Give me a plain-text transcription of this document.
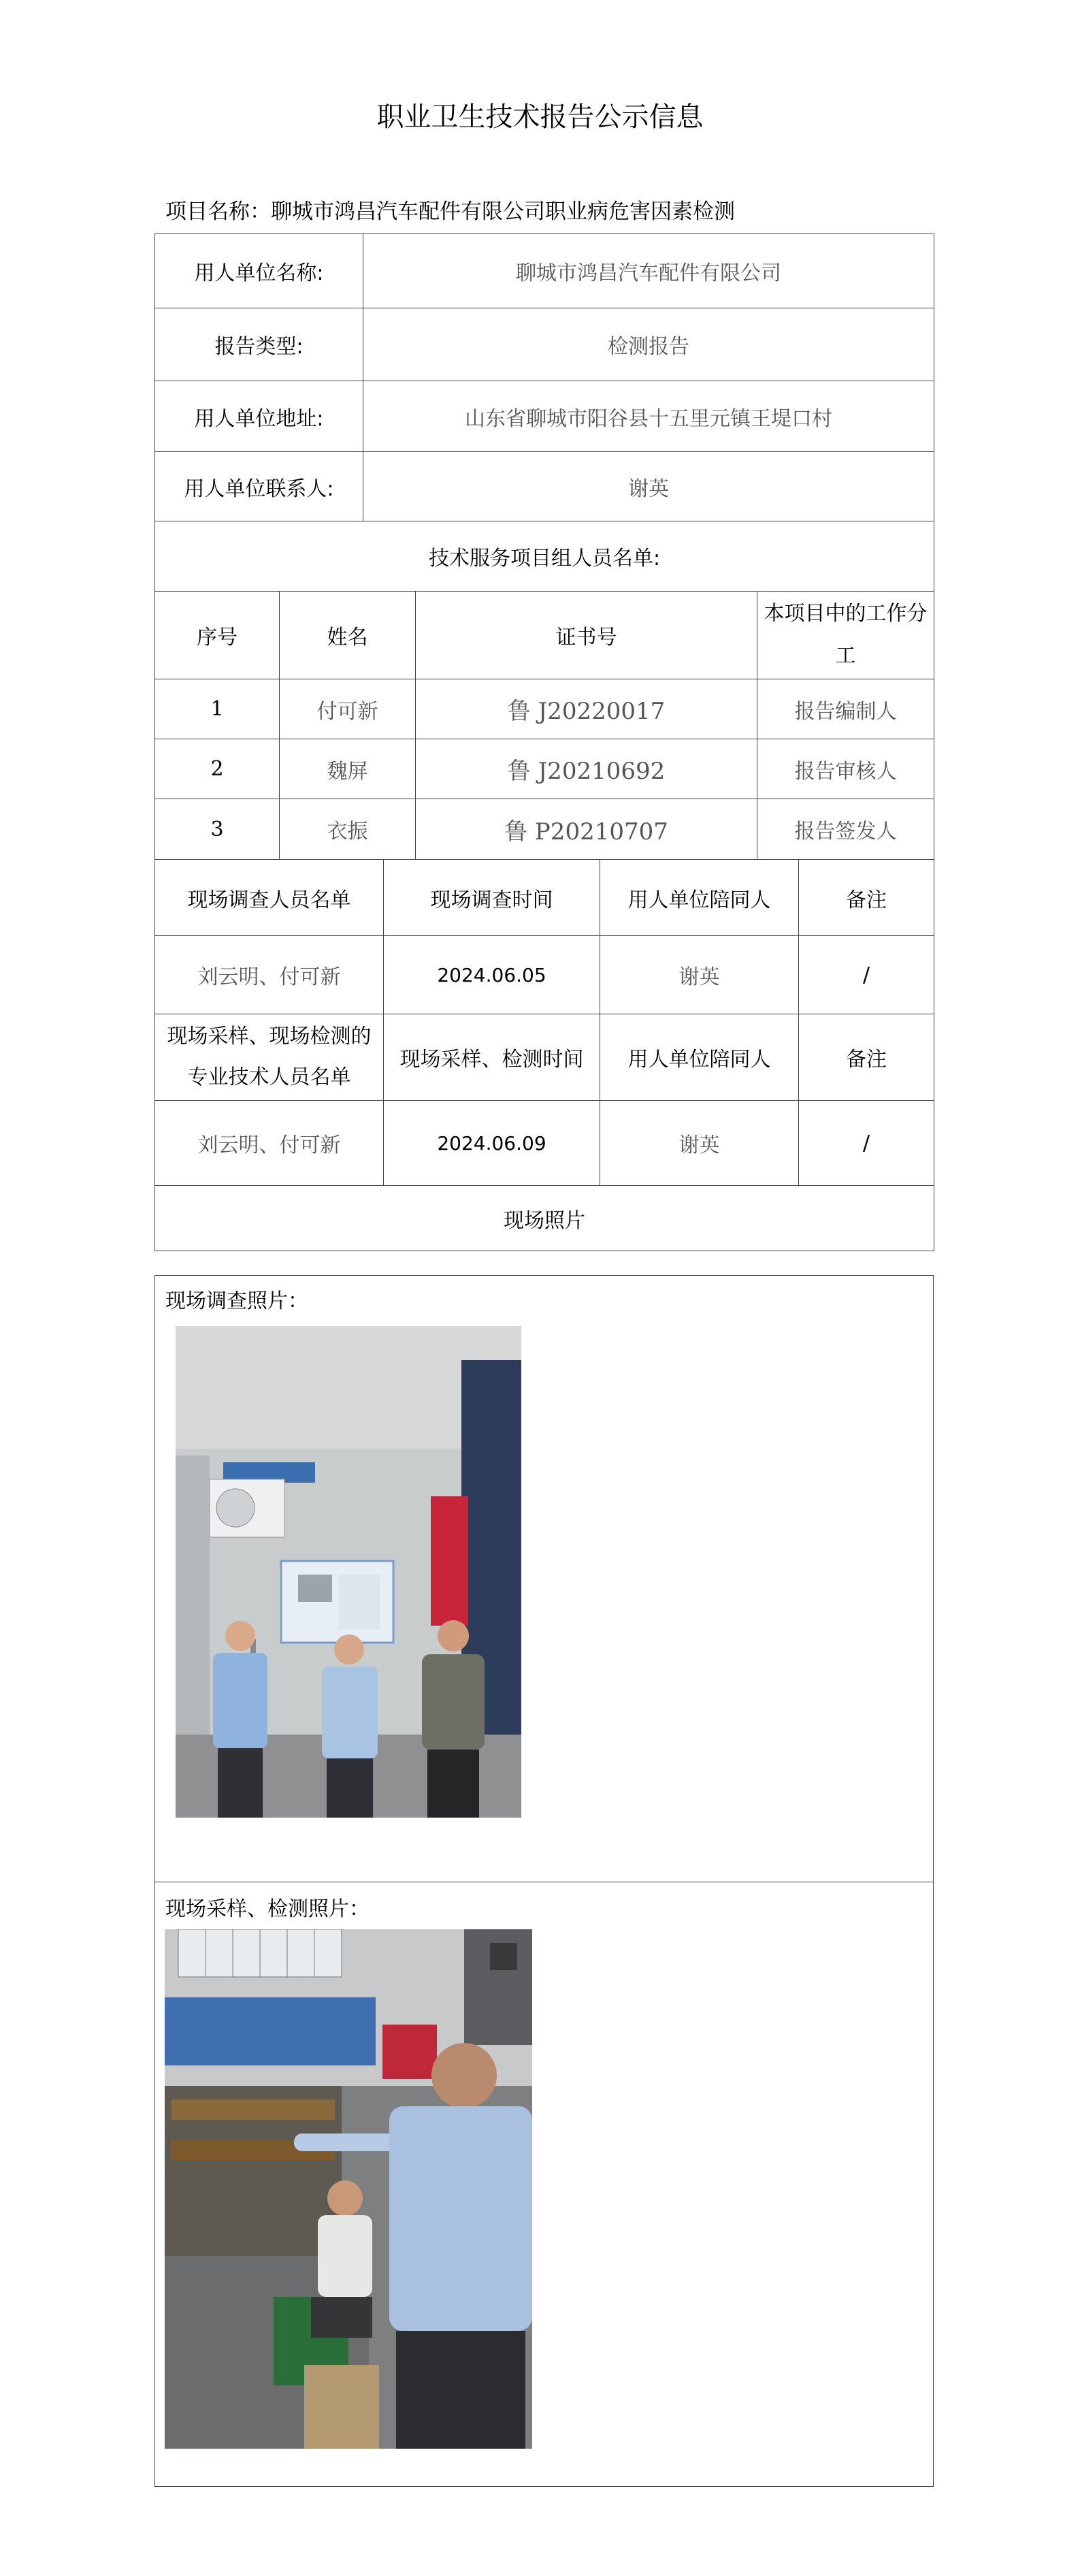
职业卫生技术报告公示信息
项目名称：聊城市鸿昌汽车配件有限公司职业病危害因素检测
用人单位名称:	聊城市鸿昌汽车配件有限公司
报告类型:	检测报告
用人单位地址:	山东省聊城市阳谷县十五里元镇王堤口村
用人单位联系人:	谢英
技术服务项目组人员名单:			
序号	姓名	证书号	本项目中的工作分工
1	付可新	鲁 J20220017	报告编制人
2	魏屏	鲁 J20210692	报告审核人
3	衣振	鲁 P20210707	报告签发人
现场调查人员名单	现场调查时间	用人单位陪同人	备注
刘云明、付可新	2024.06.05	谢英	/
现场采样、现场检测的专业技术人员名单	现场采样、检测时间	用人单位陪同人	备注
刘云明、付可新	2024.06.09	谢英	/
现场照片			
现场调查照片：
现场采样、检测照片：
